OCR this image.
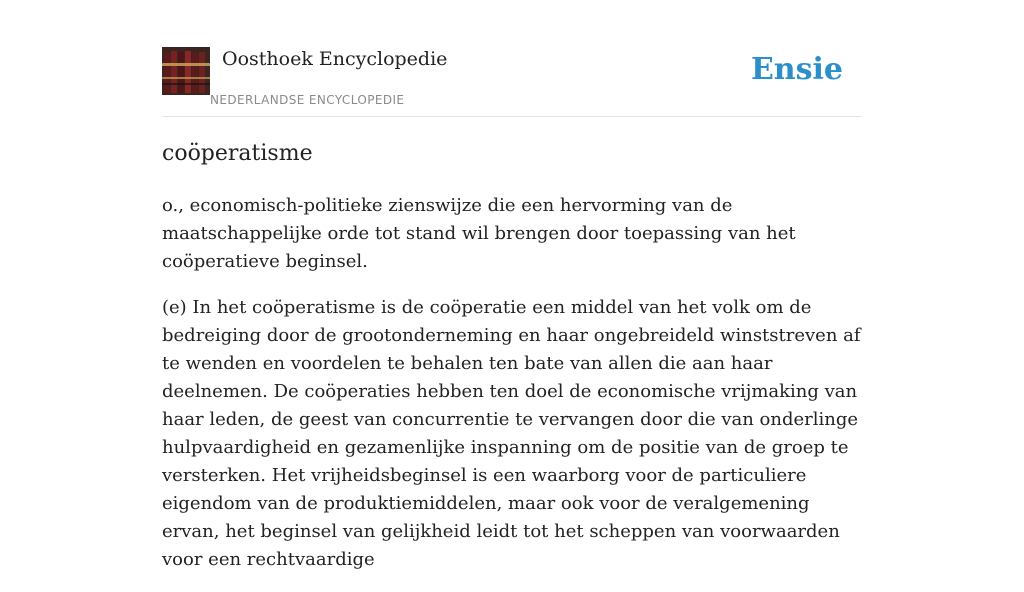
Oosthoek Encyclopedie
NEDERLANDSE ENCYCLOPEDIE
Ensie
coöperatisme

o., economisch-politieke zienswijze die een hervorming van de maatschappelijke orde tot stand wil brengen door toepassing van het coöperatieve beginsel.

(e) In het coöperatisme is de coöperatie een middel van het volk om de bedreiging door de grootonderneming en haar ongebreideld winststreven af te wenden en voordelen te behalen ten bate van allen die aan haar deelnemen. De coöperaties hebben ten doel de economische vrijmaking van haar leden, de geest van concurrentie te vervangen door die van onderlinge hulpvaardigheid en gezamenlijke inspanning om de positie van de groep te versterken. Het vrijheidsbeginsel is een waarborg voor de particuliere eigendom van de produktiemiddelen, maar ook voor de veralgemening ervan, het beginsel van gelijkheid leidt tot het scheppen van voorwaarden voor een rechtvaardige
